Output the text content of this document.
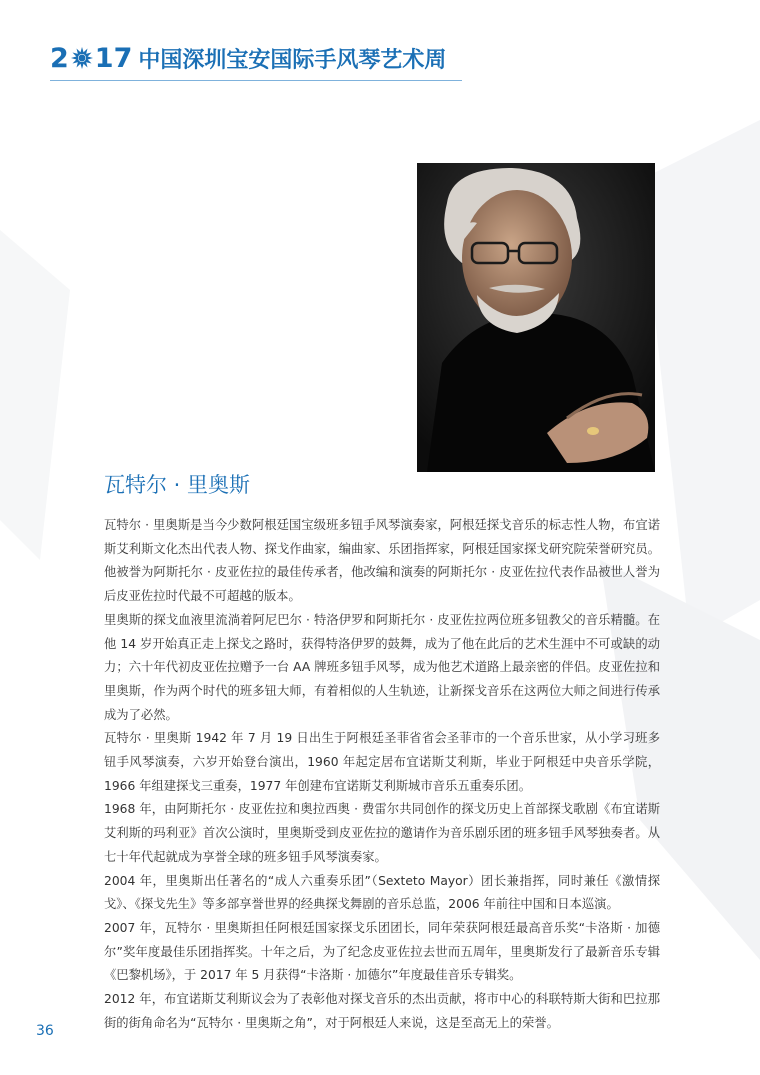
2 17 中国深圳宝安国际手风琴艺术周
瓦特尔 · 里奥斯

瓦特尔 · 里奥斯是当今少数阿根廷国宝级班多钮手风琴演奏家，阿根廷探戈音乐的标志性人物，布宜诺斯艾利斯文化杰出代表人物、探戈作曲家，编曲家、乐团指挥家，阿根廷国家探戈研究院荣誉研究员。他被誉为阿斯托尔 · 皮亚佐拉的最佳传承者，他改编和演奏的阿斯托尔 · 皮亚佐拉代表作品被世人誉为后皮亚佐拉时代最不可超越的版本。

里奥斯的探戈血液里流淌着阿尼巴尔 · 特洛伊罗和阿斯托尔 · 皮亚佐拉两位班多钮教父的音乐精髓。在他 14 岁开始真正走上探戈之路时，获得特洛伊罗的鼓舞，成为了他在此后的艺术生涯中不可或缺的动力；六十年代初皮亚佐拉赠予一台 AA 牌班多钮手风琴，成为他艺术道路上最亲密的伴侣。皮亚佐拉和里奥斯，作为两个时代的班多钮大师，有着相似的人生轨迹，让新探戈音乐在这两位大师之间进行传承成为了必然。

瓦特尔 · 里奥斯 1942 年 7 月 19 日出生于阿根廷圣菲省省会圣菲市的一个音乐世家，从小学习班多钮手风琴演奏，六岁开始登台演出，1960 年起定居布宜诺斯艾利斯，毕业于阿根廷中央音乐学院，1966 年组建探戈三重奏，1977 年创建布宜诺斯艾利斯城市音乐五重奏乐团。

1968 年，由阿斯托尔 · 皮亚佐拉和奥拉西奥 · 费雷尔共同创作的探戈历史上首部探戈歌剧《布宜诺斯艾利斯的玛利亚》首次公演时，里奥斯受到皮亚佐拉的邀请作为音乐剧乐团的班多钮手风琴独奏者。从七十年代起就成为享誉全球的班多钮手风琴演奏家。

2004 年，里奥斯出任著名的“成人六重奏乐团”（Sexteto Mayor）团长兼指挥，同时兼任《激情探戈》、《探戈先生》等多部享誉世界的经典探戈舞剧的音乐总监，2006 年前往中国和日本巡演。

2007 年，瓦特尔 · 里奥斯担任阿根廷国家探戈乐团团长，同年荣获阿根廷最高音乐奖“卡洛斯 · 加德尔”奖年度最佳乐团指挥奖。十年之后，为了纪念皮亚佐拉去世而五周年，里奥斯发行了最新音乐专辑《巴黎机场》，于 2017 年 5 月获得“卡洛斯 · 加德尔”年度最佳音乐专辑奖。

2012 年，布宜诺斯艾利斯议会为了表彰他对探戈音乐的杰出贡献，将市中心的科联特斯大街和巴拉那街的街角命名为“瓦特尔 · 里奥斯之角”，对于阿根廷人来说，这是至高无上的荣誉。

36
